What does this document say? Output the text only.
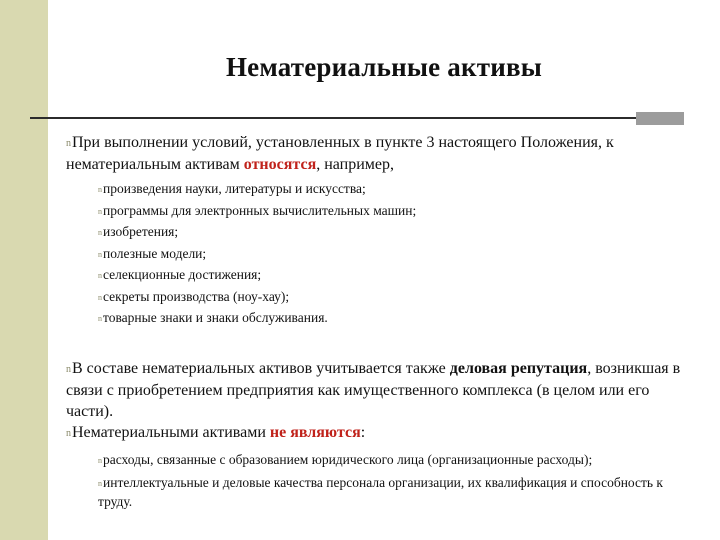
Нематериальные активы
nПри выполнении условий, установленных в пункте 3 настоящего Положения, к нематериальным активам относятся, например,
nпроизведения науки, литературы и искусства;
nпрограммы для электронных вычислительных машин;
nизобретения;
nполезные модели;
nселекционные достижения;
nсекреты производства (ноу-хау);
nтоварные знаки и знаки обслуживания.
nВ составе нематериальных активов учитывается также деловая репутация, возникшая в связи с приобретением предприятия как имущественного комплекса (в целом или его части).
nНематериальными активами не являются:
nрасходы, связанные с образованием юридического лица (организационные расходы);
nинтеллектуальные и деловые качества персонала организации, их квалификация и способность к труду.
